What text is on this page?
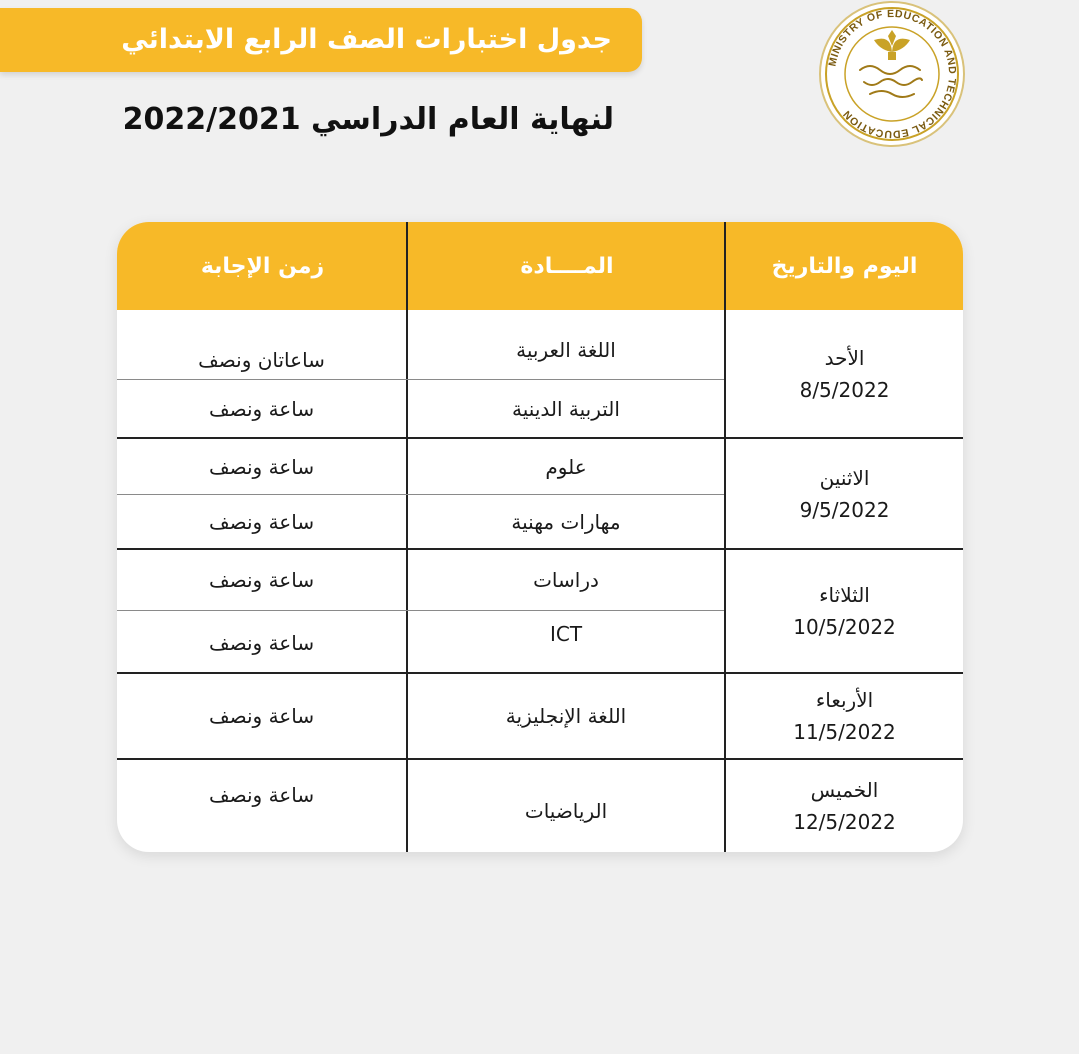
جدول اختبارات الصف الرابع الابتدائي
لنهاية العام الدراسي 2022/2021
MINISTRY OF EDUCATION AND TECHNICAL EDUCATION
اليوم والتاريخ
المــــادة
زمن الإجابة
الأحد
8/5/2022
اللغة العربية
ساعاتان ونصف
التربية الدينية
ساعة ونصف
الاثنين
9/5/2022
علوم
ساعة ونصف
مهارات مهنية
ساعة ونصف
الثلاثاء
10/5/2022
دراسات
ساعة ونصف
ICT
ساعة ونصف
الأربعاء
11/5/2022
اللغة الإنجليزية
ساعة ونصف
الخميس
12/5/2022
الرياضيات
ساعة ونصف
